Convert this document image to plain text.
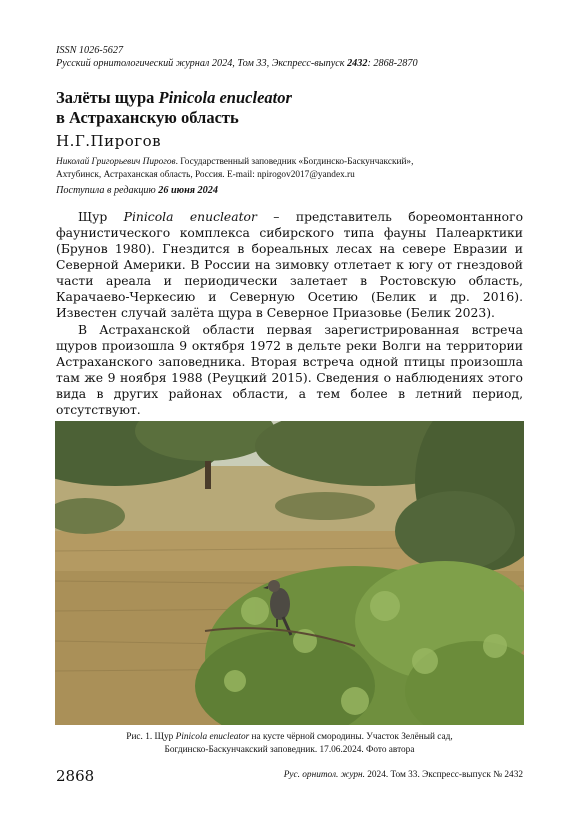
ISSN 1026-5627
Русский орнитологический журнал 2024, Том 33, Экспресс-выпуск 2432: 2868-2870
Залёты щура Pinicola enucleator
в Астраханскую область
Н.Г.Пирогов
Николай Григорьевич Пирогов. Государственный заповедник «Богдинско-Баскунчакский»,
Ахтубинск, Астраханская область, Россия. E-mail: npirogov2017@yandex.ru
Поступила в редакцию 26 июня 2024

Щур Pinicola enucleator – представитель бореомонтанного фаунистического комплекса сибирского типа фауны Палеарктики (Брунов 1980). Гнездится в бореальных лесах на севере Евразии и Северной Америки. В России на зимовку отлетает к югу от гнездовой части ареала и периодически залетает в Ростовскую область, Карачаево-Черкесию и Северную Осетию (Белик и др. 2016). Известен случай залёта щура в Северное Приазовье (Белик 2023).

В Астраханской области первая зарегистрированная встреча щуров произошла 9 октября 1972 в дельте реки Волги на территории Астраханского заповедника. Вторая встреча одной птицы произошла там же 9 ноября 1988 (Реуцкий 2015). Сведения о наблюдениях этого вида в других районах области, а тем более в летний период, отсутствуют.

Рис. 1. Щур Pinicola enucleator на кусте чёрной смородины. Участок Зелёный сад,
Богдинско-Баскунчакский заповедник. 17.06.2024. Фото автора
2868	Рус. орнитол. журн. 2024. Том 33. Экспресс-выпуск № 2432
